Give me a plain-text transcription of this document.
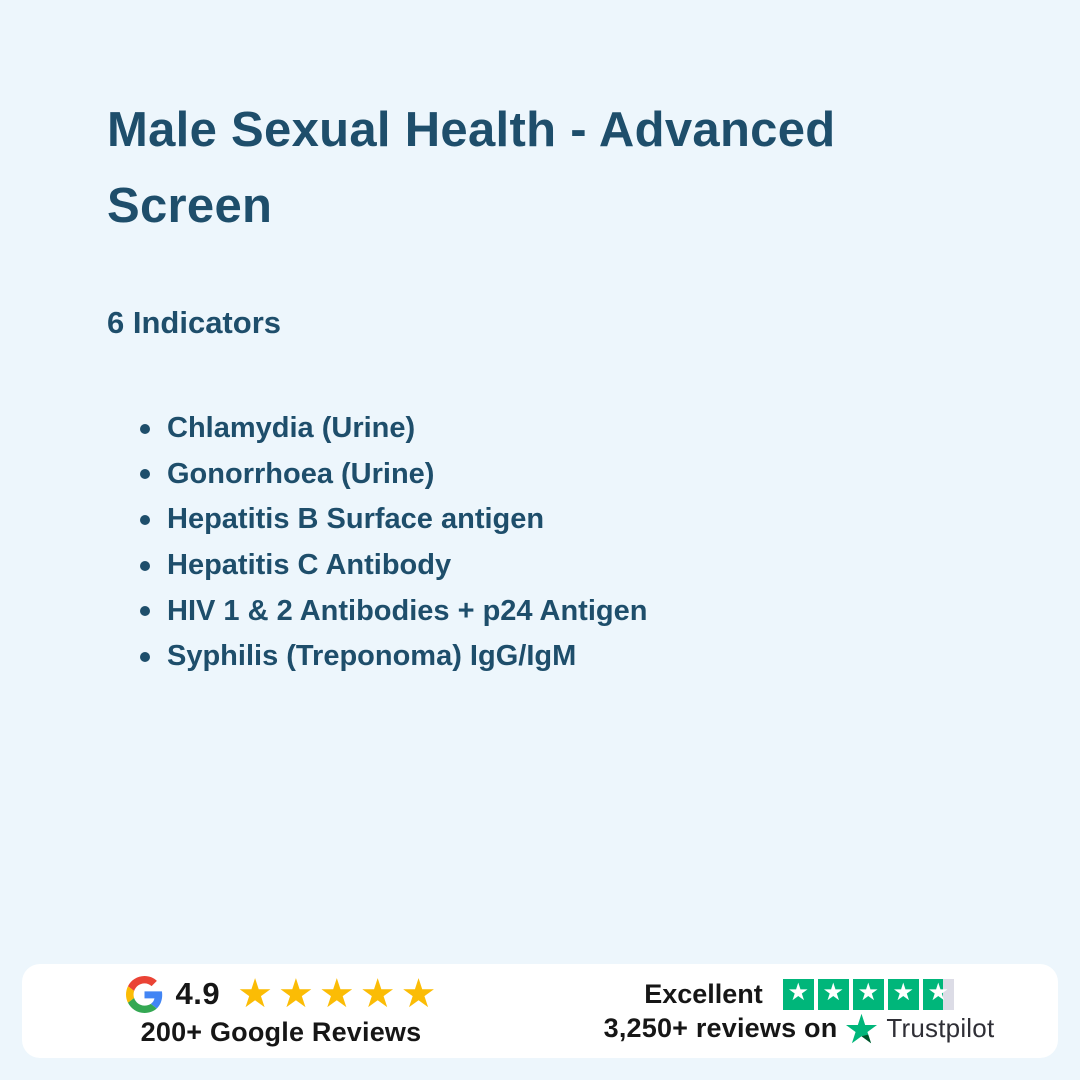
Male Sexual Health - Advanced Screen
6 Indicators
Chlamydia (Urine)
Gonorrhoea (Urine)
Hepatitis B Surface antigen
Hepatitis C Antibody
HIV 1 & 2 Antibodies + p24 Antigen
Syphilis (Treponoma) IgG/IgM
4.9 ★ ★ ★ ★ ★
200+ Google Reviews
Excellent ★ ★ ★ ★ ★
3,250+ reviews on Trustpilot
